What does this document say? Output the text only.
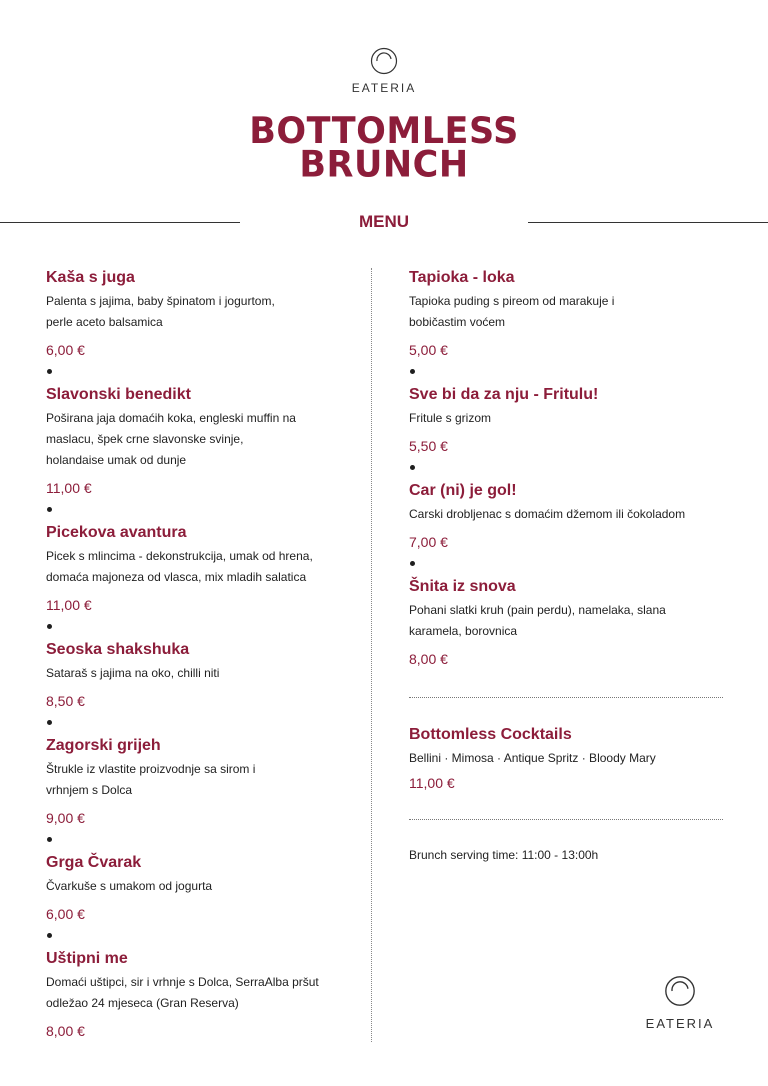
EATERIA
BOTTOMLESS
BRUNCH
MENU
Kaša s juga
Palenta s jajima, baby špinatom i jogurtom,
perle aceto balsamica
6,00 €
Slavonski benedikt
Poširana jaja domaćih koka, engleski muffin na
maslacu, špek crne slavonske svinje,
holandaise umak od dunje
11,00 €
Picekova avantura
Picek s mlincima - dekonstrukcija, umak od hrena,
domaća majoneza od vlasca, mix mladih salatica
11,00 €
Seoska shakshuka
Sataraš s jajima na oko, chilli niti
8,50 €
Zagorski grijeh
Štrukle iz vlastite proizvodnje sa sirom i
vrhnjem s Dolca
9,00 €
Grga Čvarak
Čvarkuše s umakom od jogurta
6,00 €
Uštipni me
Domaći uštipci, sir i vrhnje s Dolca, SerraAlba pršut
odležao 24 mjeseca (Gran Reserva)
8,00 €
Tapioka - loka
Tapioka puding s pireom od marakuje i
bobičastim voćem
5,00 €
Sve bi da za nju - Fritulu!
Fritule s grizom
5,50 €
Car (ni) je gol!
Carski drobljenac s domaćim džemom ili čokoladom
7,00 €
Šnita iz snova
Pohani slatki kruh (pain perdu), namelaka, slana
karamela, borovnica
8,00 €
Bottomless Cocktails
Bellini · Mimosa · Antique Spritz · Bloody Mary
11,00 €
Brunch serving time: 11:00 - 13:00h
EATERIA
